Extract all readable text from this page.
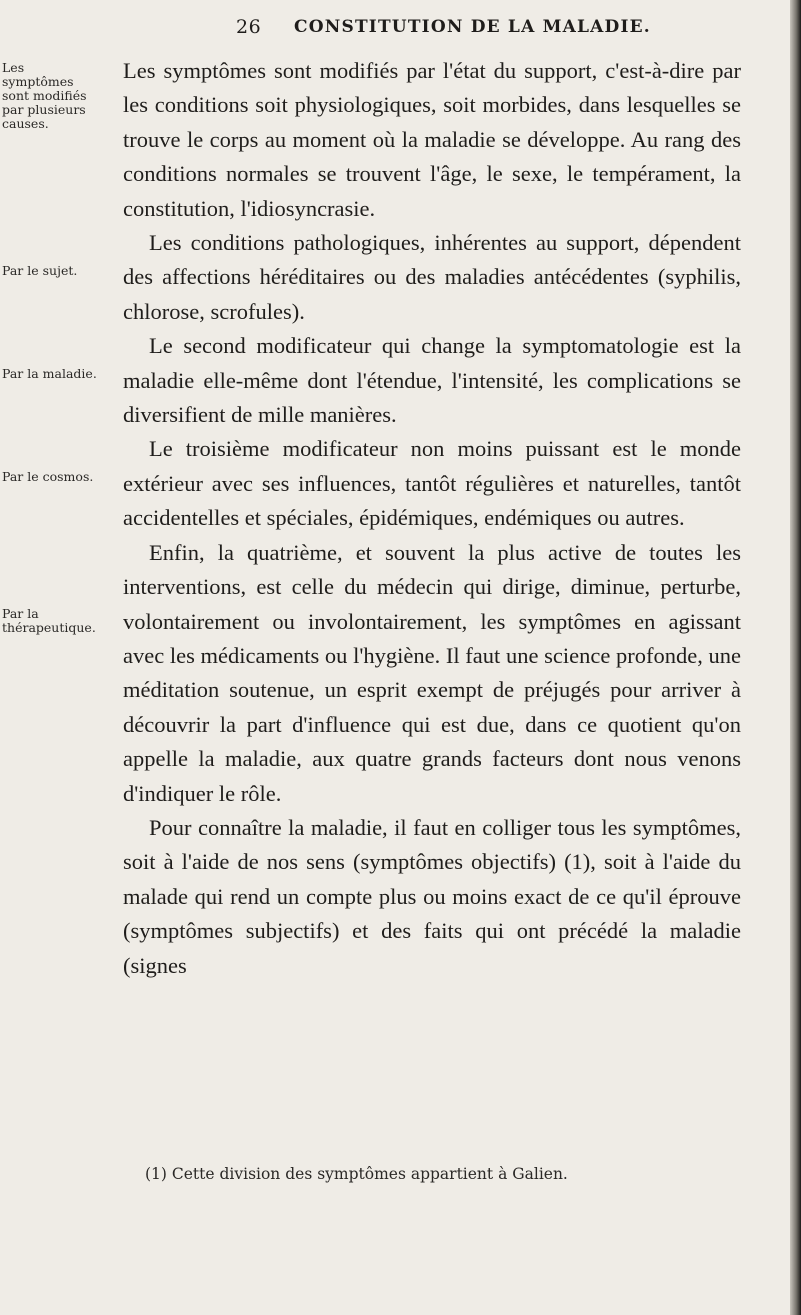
26 CONSTITUTION DE LA MALADIE.
Les symptômes sont modifiés par plusieurs causes.
Par le sujet.
Par la maladie.
Par le cosmos.
Par la thérapeutique.

Les symptômes sont modifiés par l'état du support, c'est-à-dire par les conditions soit physiologiques, soit morbides, dans lesquelles se trouve le corps au moment où la maladie se développe. Au rang des conditions normales se trouvent l'âge, le sexe, le tempérament, la constitution, l'idiosyncrasie.

Les conditions pathologiques, inhérentes au support, dépendent des affections héréditaires ou des maladies antécédentes (syphilis, chlorose, scrofules).

Le second modificateur qui change la symptomatologie est la maladie elle-même dont l'étendue, l'intensité, les complications se diversifient de mille manières.

Le troisième modificateur non moins puissant est le monde extérieur avec ses influences, tantôt régulières et naturelles, tantôt accidentelles et spéciales, épidémiques, endémiques ou autres.

Enfin, la quatrième, et souvent la plus active de toutes les interventions, est celle du médecin qui dirige, diminue, perturbe, volontairement ou involontairement, les symptômes en agissant avec les médicaments ou l'hygiène. Il faut une science profonde, une méditation soutenue, un esprit exempt de préjugés pour arriver à découvrir la part d'influence qui est due, dans ce quotient qu'on appelle la maladie, aux quatre grands facteurs dont nous venons d'indiquer le rôle.

Pour connaître la maladie, il faut en colliger tous les symptômes, soit à l'aide de nos sens (symptômes objectifs) (1), soit à l'aide du malade qui rend un compte plus ou moins exact de ce qu'il éprouve (symptômes subjectifs) et des faits qui ont précédé la maladie (signes

(1) Cette division des symptômes appartient à Galien.
